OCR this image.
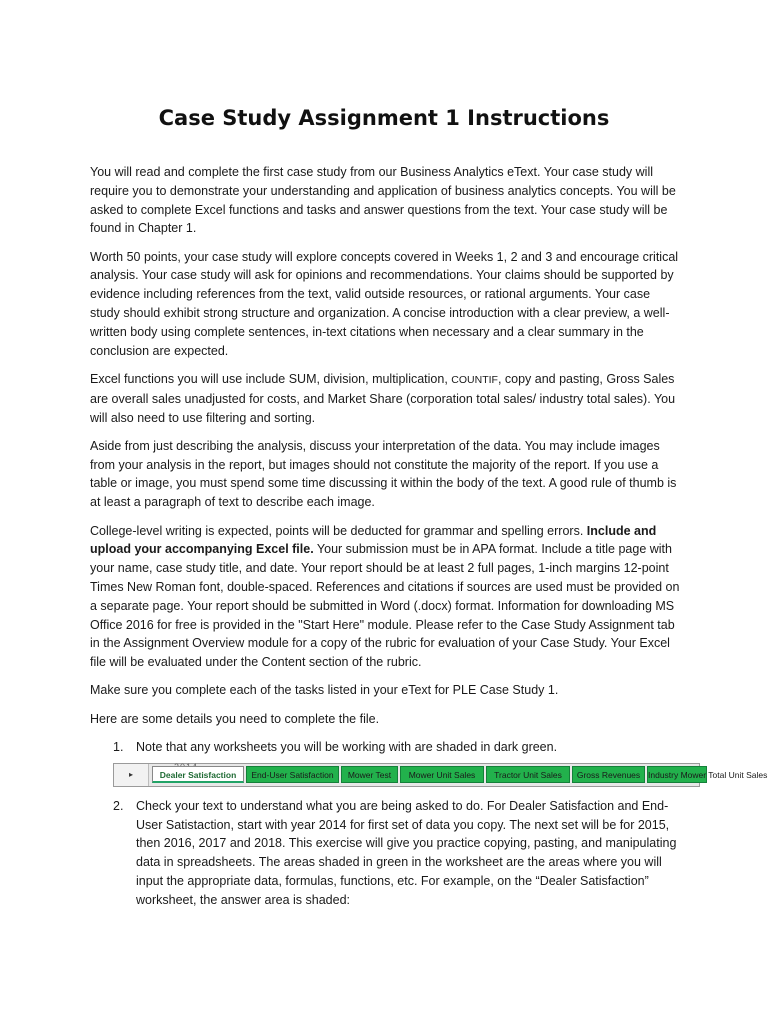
Case Study Assignment 1 Instructions

You will read and complete the first case study from our Business Analytics eText. Your case study will require you to demonstrate your understanding and application of business analytics concepts. You will be asked to complete Excel functions and tasks and answer questions from the text. Your case study will be found in Chapter 1.

Worth 50 points, your case study will explore concepts covered in Weeks 1, 2 and 3 and encourage critical analysis. Your case study will ask for opinions and recommendations. Your claims should be supported by evidence including references from the text, valid outside resources, or rational arguments. Your case study should exhibit strong structure and organization. A concise introduction with a clear preview, a well-written body using complete sentences, in-text citations when necessary and a clear summary in the conclusion are expected.

Excel functions you will use include SUM, division, multiplication, COUNTIF, copy and pasting, Gross Sales are overall sales unadjusted for costs, and Market Share (corporation total sales/ industry total sales). You will also need to use filtering and sorting.

Aside from just describing the analysis, discuss your interpretation of the data. You may include images from your analysis in the report, but images should not constitute the majority of the report. If you use a table or image, you must spend some time discussing it within the body of the text. A good rule of thumb is at least a paragraph of text to describe each image.

College-level writing is expected, points will be deducted for grammar and spelling errors. Include and upload your accompanying Excel file. Your submission must be in APA format. Include a title page with your name, case study title, and date. Your report should be at least 2 full pages, 1-inch margins 12-point Times New Roman font, double-spaced. References and citations if sources are used must be provided on a separate page. Your report should be submitted in Word (.docx) format. Information for downloading MS Office 2016 for free is provided in the "Start Here" module. Please refer to the Case Study Assignment tab in the Assignment Overview module for a copy of the rubric for evaluation of your Case Study. Your Excel file will be evaluated under the Content section of the rubric.

Make sure you complete each of the tasks listed in your eText for PLE Case Study 1.

Here are some details you need to complete the file.

1. Note that any worksheets you will be working with are shaded in dark green.
▸	Dealer Satisfaction	End-User Satisfaction	Mower Test	Mower Unit Sales	Tractor Unit Sales	Gross Revenues Industry Mower Total Unit Sales
2. Check your text to understand what you are being asked to do. For Dealer Satisfaction and End-User Satistaction, start with year 2014 for first set of data you copy. The next set will be for 2015, then 2016, 2017 and 2018. This exercise will give you practice copying, pasting, and manipulating data in spreadsheets. The areas shaded in green in the worksheet are the areas where you will input the appropriate data, formulas, functions, etc. For example, on the “Dealer Satisfaction” worksheet, the answer area is shaded:
